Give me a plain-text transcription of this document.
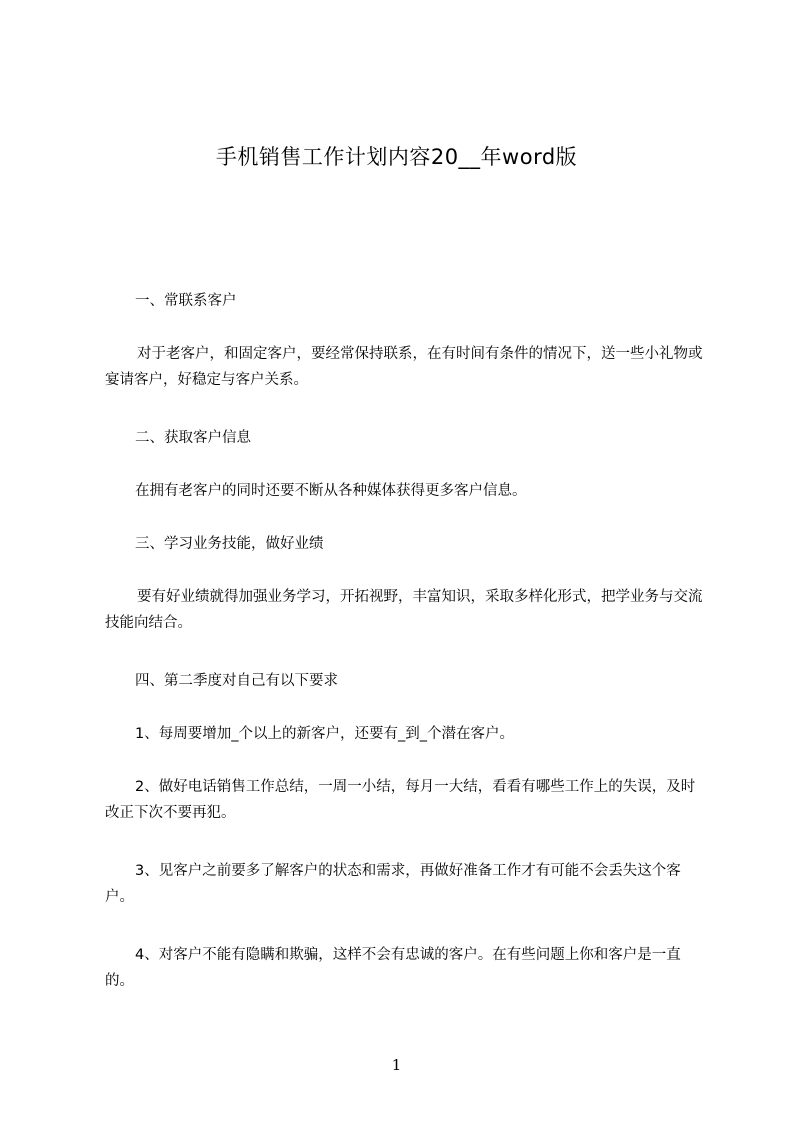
手机销售工作计划内容20__年word版

一、常联系客户

对于老客户，和固定客户，要经常保持联系，在有时间有条件的情况下，送一些小礼物或宴请客户，好稳定与客户关系。

二、获取客户信息

在拥有老客户的同时还要不断从各种媒体获得更多客户信息。

三、学习业务技能，做好业绩

要有好业绩就得加强业务学习，开拓视野，丰富知识，采取多样化形式，把学业务与交流技能向结合。

四、第二季度对自己有以下要求

1、每周要增加_个以上的新客户，还要有_到_个潜在客户。

2、做好电话销售工作总结，一周一小结，每月一大结，看看有哪些工作上的失误，及时改正下次不要再犯。

3、见客户之前要多了解客户的状态和需求，再做好准备工作才有可能不会丢失这个客户。

4、对客户不能有隐瞒和欺骗，这样不会有忠诚的客户。在有些问题上你和客户是一直的。

1
